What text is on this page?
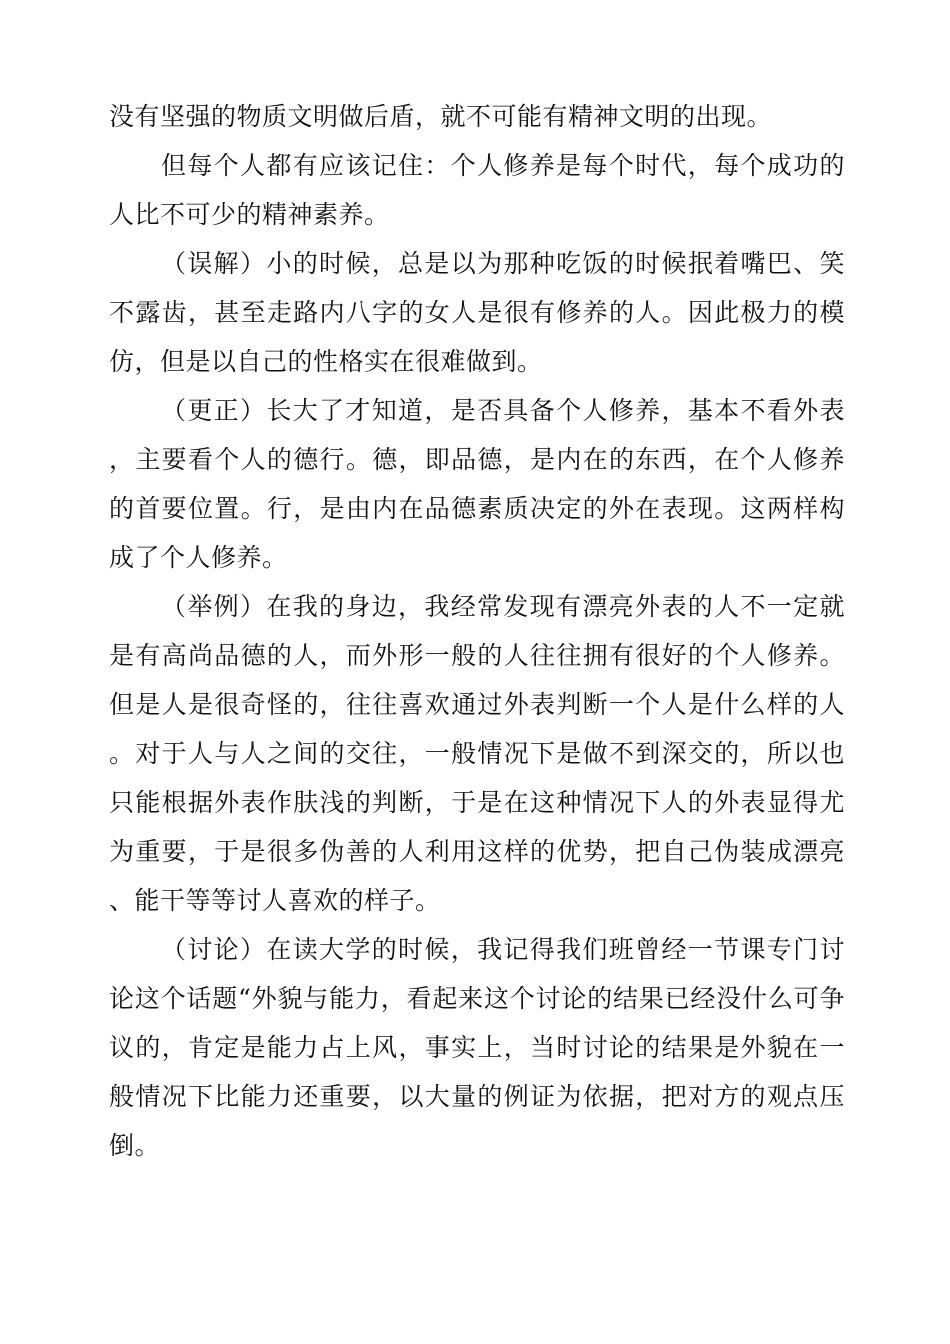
没有坚强的物质文明做后盾，就不可能有精神文明的出现。

但每个人都有应该记住：个人修养是每个时代，每个成功的人比不可少的精神素养。

（误解）小的时候，总是以为那种吃饭的时候抿着嘴巴、笑不露齿，甚至走路内八字的女人是很有修养的人。因此极力的模仿，但是以自己的性格实在很难做到。

（更正）长大了才知道，是否具备个人修养，基本不看外表，主要看个人的德行。德，即品德，是内在的东西，在个人修养的首要位置。行，是由内在品德素质决定的外在表现。这两样构成了个人修养。

（举例）在我的身边，我经常发现有漂亮外表的人不一定就是有高尚品德的人，而外形一般的人往往拥有很好的个人修养。但是人是很奇怪的，往往喜欢通过外表判断一个人是什么样的人。对于人与人之间的交往，一般情况下是做不到深交的，所以也只能根据外表作肤浅的判断，于是在这种情况下人的外表显得尤为重要，于是很多伪善的人利用这样的优势，把自己伪装成漂亮、能干等等讨人喜欢的样子。

（讨论）在读大学的时候，我记得我们班曾经一节课专门讨论这个话题“外貌与能力，看起来这个讨论的结果已经没什么可争议的，肯定是能力占上风，事实上，当时讨论的结果是外貌在一般情况下比能力还重要，以大量的例证为依据，把对方的观点压倒。
